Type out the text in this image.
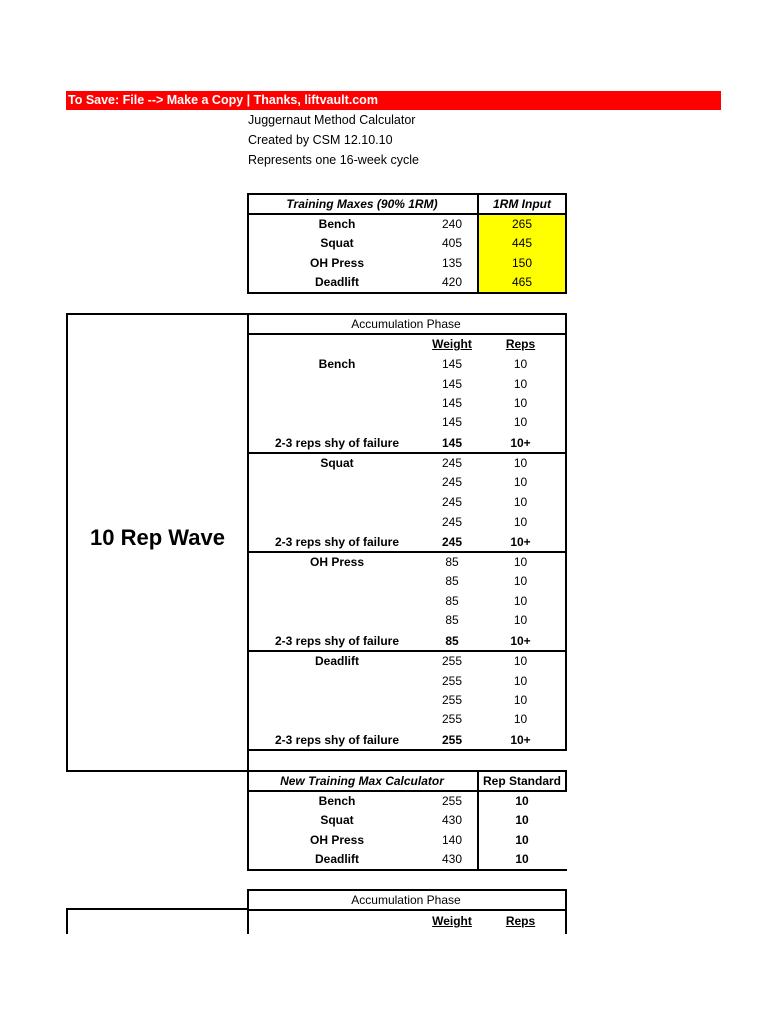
To Save: File --> Make a Copy | Thanks, liftvault.com
Juggernaut Method Calculator
Created by CSM 12.10.10
Represents one 16-week cycle
Training Maxes (90% 1RM)	1RM Input
Bench	240	265
Squat	405	445
OH Press	135	150
Deadlift	420	465
10 Rep Wave
Accumulation Phase
Weight	Reps
Bench	145	10
145	10
145	10
145	10
2-3 reps shy of failure	145	10+
Squat	245	10
245	10
245	10
245	10
2-3 reps shy of failure	245	10+
OH Press	85	10
85	10
85	10
85	10
2-3 reps shy of failure	85	10+
Deadlift	255	10
255	10
255	10
255	10
2-3 reps shy of failure	255	10+
New Training Max Calculator	Rep Standard
Bench	255	10
Squat	430	10
OH Press	140	10
Deadlift	430	10
Accumulation Phase
Weight	Reps
